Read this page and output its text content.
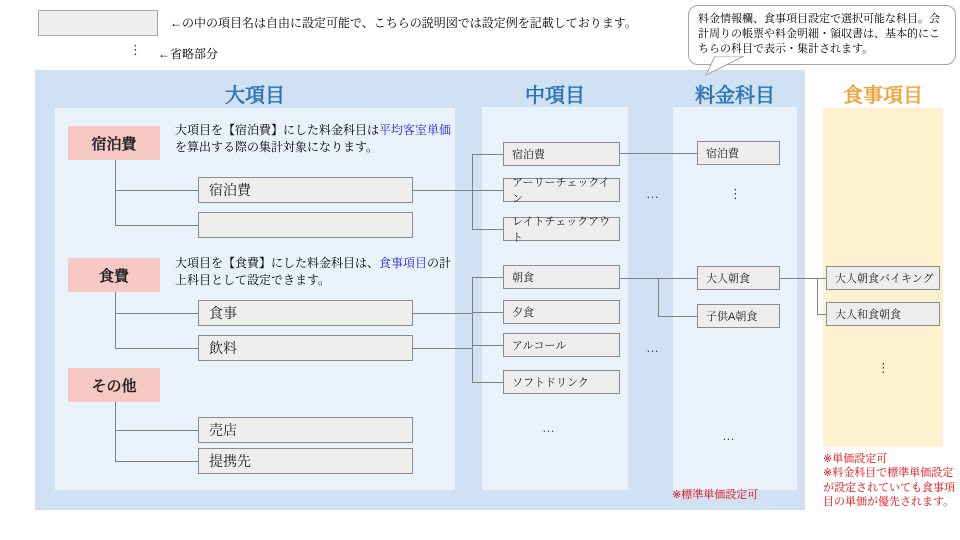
←の中の項目名は自由に設定可能で、こちらの説明図では設定例を記載しております。
⋮ ←省略部分
料金情報欄、食事項目設定で選択可能な科目。会計周りの帳票や料金明細・領収書は、基本的にこちらの科目で表示・集計されます。
大項目	中項目	料金科目	食事項目
宿泊費
食費
その他
大項目を【宿泊費】にした料金科目は平均客室単価を算出する際の集計対象になります。
大項目を【食費】にした料金科目は、食事項目の計上科目として設定できます。
宿泊費
食事
飲料
売店
提携先
宿泊費
アーリーチェックイン
レイトチェックアウト
朝食
夕食
アルコール
ソフトドリンク
宿泊費
大人朝食
子供A朝食
大人朝食バイキング
大人和食朝食
…
…
⋮
…
…
⋮
※標準単価設定可
※単価設定可
※料金科目で標準単価設定が設定されていても食事項目の単価が優先されます。
